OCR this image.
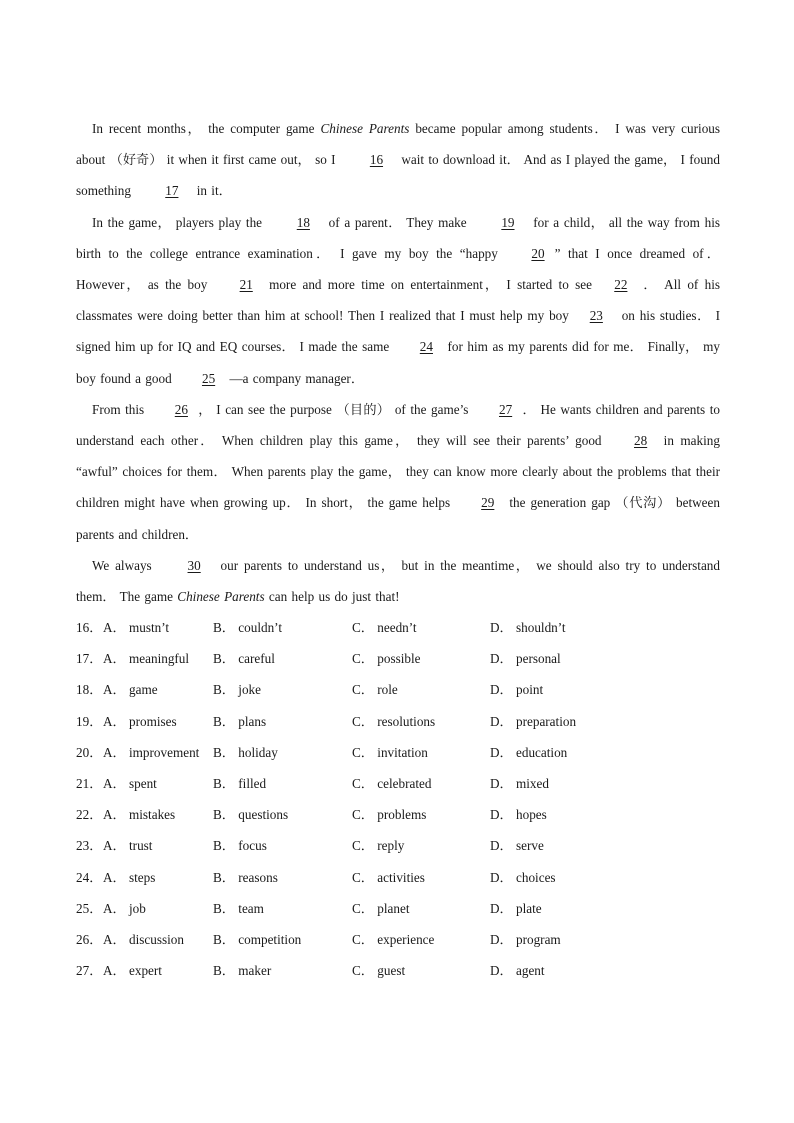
In recent months， the computer game Chinese Parents became popular among students． I was very curious about （好奇） it when it first came out， so I 16 wait to download it． And as I played the game， I found something 17 in it．

In the game， players play the 18 of a parent． They make 19 for a child， all the way from his birth to the college entrance examination． I gave my boy the “happy 20 ” that I once dreamed of． However， as the boy 21 more and more time on entertainment， I started to see 22 ． All of his classmates were doing better than him at school! Then I realized that I must help my boy 23 on his studies． I signed him up for IQ and EQ courses． I made the same 24 for him as my parents did for me． Finally， my boy found a good 25 —a company manager．

From this 26 ， I can see the purpose （目的） of the game’s 27 ． He wants children and parents to understand each other． When children play this game， they will see their parents’ good 28 in making “awful” choices for them． When parents play the game， they can know more clearly about the problems that their children might have when growing up． In short， the game helps 29 the generation gap （代沟） between parents and children．

We always 30 our parents to understand us， but in the meantime， we should also try to understand them． The game Chinese Parents can help us do just that!

16． A． mustn’t	B． couldn’t	C． needn’t	D． shouldn’t
17． A． meaningful B． careful	C． possible	D． personal
18． A． game	B． joke	C． role	D． point
19． A． promises	B． plans	C． resolutions	D． preparation
20． A． improvement B． holiday	C． invitation	D． education
21． A． spent	B． filled	C． celebrated	D． mixed
22． A． mistakes	B． questions	C． problems	D． hopes
23． A． trust	B． focus	C． reply	D． serve
24． A． steps	B． reasons	C． activities	D． choices
25． A． job	B． team	C． planet	D． plate
26． A． discussion B． competition	C． experience	D． program
27． A． expert	B． maker	C． guest	D． agent
